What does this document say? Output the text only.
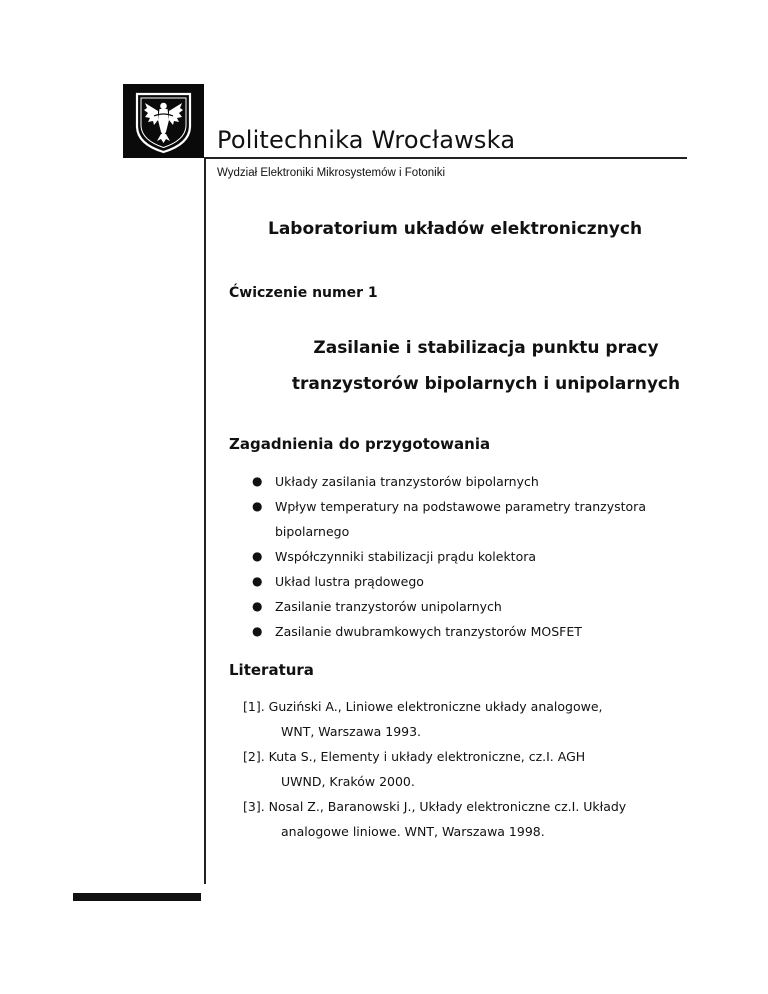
Politechnika Wrocławska
Wydział Elektroniki Mikrosystemów i Fotoniki
Laboratorium układów elektronicznych
Ćwiczenie numer 1
Zasilanie i stabilizacja punktu pracy
tranzystorów bipolarnych i unipolarnych
Zagadnienia do przygotowania
● Układy zasilania tranzystorów bipolarnych
● Wpływ temperatury na podstawowe parametry tranzystora bipolarnego
● Współczynniki stabilizacji prądu kolektora
● Układ lustra prądowego
● Zasilanie tranzystorów unipolarnych
● Zasilanie dwubramkowych tranzystorów MOSFET
Literatura
[1]. Guziński A., Liniowe elektroniczne układy analogowe,
WNT, Warszawa 1993.
[2]. Kuta S., Elementy i układy elektroniczne, cz.I. AGH
UWND, Kraków 2000.
[3]. Nosal Z., Baranowski J., Układy elektroniczne cz.I. Układy
analogowe liniowe. WNT, Warszawa 1998.
